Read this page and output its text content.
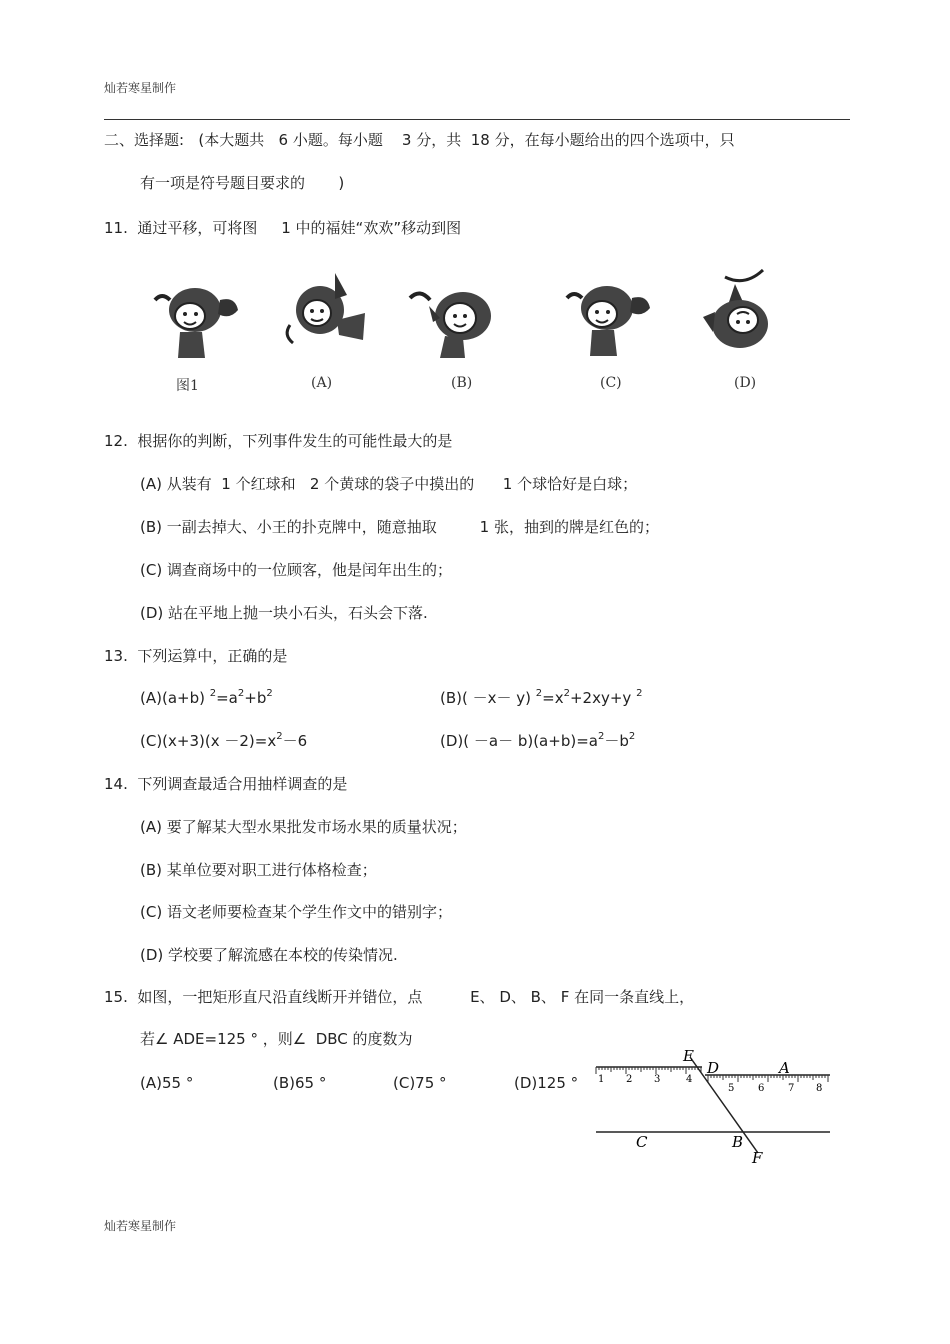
灿若寒星制作
灿若寒星制作
二、选择题:   (本大题共   6 小题。每小题    3 分，共  18 分，在每小题给出的四个选项中，只
有一项是符号题目要求的       )
11.  通过平移，可将图     1 中的福娃“欢欢”移动到图
图1	(A)	(B)	(C)	(D)
12.  根据你的判断，下列事件发生的可能性最大的是
(A) 从装有  1 个红球和   2 个黄球的袋子中摸出的      1 个球恰好是白球；
(B) 一副去掉大、小王的扑克牌中，随意抽取         1 张，抽到的牌是红色的；
(C) 调查商场中的一位顾客，他是闰年出生的；
(D) 站在平地上抛一块小石头，石头会下落.
13.  下列运算中，正确的是
(A)(a+b) $^2=a^2+b^2$	(B)( －x－ y) $^2=x^2+2xy+y$ $^2$
$(C)(x+3)(x -2)=x^2-6$	$(D)( -a- b)(a+b)=a^2-b^2$
14.  下列调查最适合用抽样调查的是
(A) 要了解某大型水果批发市场水果的质量状况；
(B) 某单位要对职工进行体格检查；
(C) 语文老师要检查某个学生作文中的错别字；
(D) 学校要了解流感在本校的传染情况.
15.  如图，一把矩形直尺沿直线断开并错位，点          E、 D、 B、 F 在同一条直线上，
若∠ ADE=125 ° ，则∠  DBC 的度数为
(A)55 °	(B)65 °	(C)75 °	(D)125 ° 1 2 3	4
5 6 7 8
E
D	A
C	B
F
